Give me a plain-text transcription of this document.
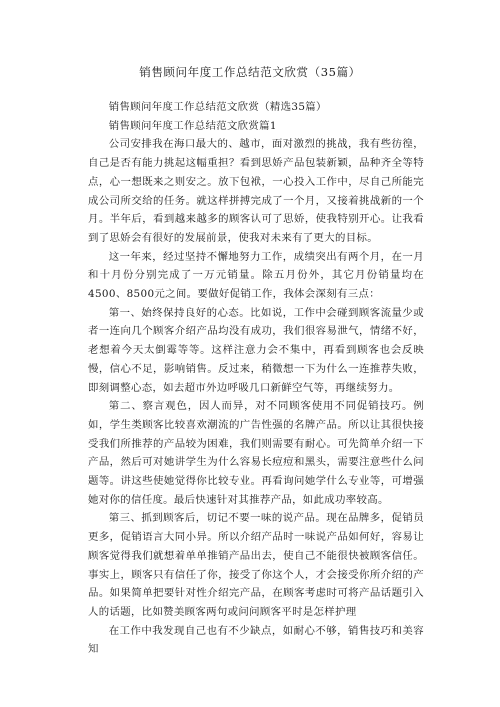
销售顾问年度工作总结范文欣赏（35篇）

销售顾问年度工作总结范文欣赏（精选35篇）

销售顾问年度工作总结范文欣赏篇1

公司安排我在海口最大的、越市，面对激烈的挑战，我有些彷徨，自己是否有能力挑起这幅重担？看到思娇产品包装新颖，品种齐全等特点，心一想既来之则安之。放下包袱，一心投入工作中，尽自己所能完成公司所交给的任务。就这样拼搏完成了一个月，又接着挑战新的一个月。半年后，看到越来越多的顾客认可了思娇，使我特别开心。让我看到了思娇会有很好的发展前景，使我对未来有了更大的目标。

这一年来，经过坚持不懈地努力工作，成绩突出有两个月，在一月和十月份分别完成了一万元销量。除五月份外，其它月份销量均在4500、8500元之间。要做好促销工作，我体会深刻有三点：

第一、始终保持良好的心态。比如说，工作中会碰到顾客流量少或者一连向几个顾客介绍产品均没有成功，我们很容易泄气，情绪不好，老想着今天太倒霉等等。这样注意力会不集中，再看到顾客也会反映慢，信心不足，影响销售。反过来，稍微想一下为什么一连推荐失败，即刻调整心态，如去超市外边呼吸几口新鲜空气等，再继续努力。

第二、察言观色，因人而异，对不同顾客使用不同促销技巧。例如，学生类顾客比较喜欢潮流的广告性强的名牌产品。所以让其很快接受我们所推荐的产品较为困难，我们则需要有耐心。可先简单介绍一下产品，然后可对她讲学生为什么容易长痘痘和黑头，需要注意些什么问题等。讲这些使她觉得你比较专业。再看询问她学什么专业等，可增强她对你的信任度。最后快速针对其推荐产品，如此成功率较高。

第三、抓到顾客后，切记不要一味的说产品。现在品牌多，促销员更多，促销语言大同小异。所以介绍产品时一味说产品如何好，容易让顾客觉得我们就想着单单推销产品出去，使自己不能很快被顾客信任。事实上，顾客只有信任了你，接受了你这个人，才会接受你所介绍的产品。如果简单把要针对性介绍完产品，在顾客考虑时可将产品话题引入人的话题，比如赞美顾客两句或问问顾客平时是怎样护理

在工作中我发现自己也有不少缺点，如耐心不够，销售技巧和美容知
